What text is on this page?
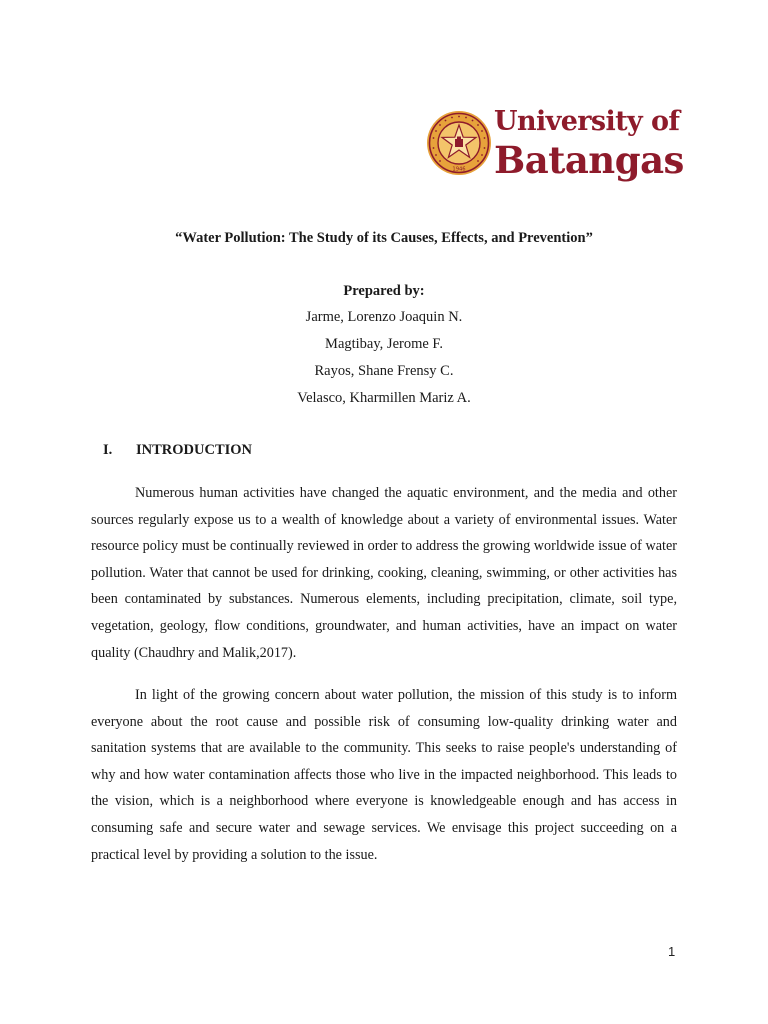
1946
University of
Batangas
“Water Pollution: The Study of its Causes, Effects, and Prevention”
Prepared by:
Jarme, Lorenzo Joaquin N.
Magtibay, Jerome F.
Rayos, Shane Frensy C.
Velasco, Kharmillen Mariz A.
I. INTRODUCTION

Numerous human activities have changed the aquatic environment, and the media and other sources regularly expose us to a wealth of knowledge about a variety of environmental issues. Water resource policy must be continually reviewed in order to address the growing worldwide issue of water pollution. Water that cannot be used for drinking, cooking, cleaning, swimming, or other activities has been contaminated by substances. Numerous elements, including precipitation, climate, soil type, vegetation, geology, flow conditions, groundwater, and human activities, have an impact on water quality (Chaudhry and Malik,2017).

In light of the growing concern about water pollution, the mission of this study is to inform everyone about the root cause and possible risk of consuming low-quality drinking water and sanitation systems that are available to the community. This seeks to raise people's understanding of why and how water contamination affects those who live in the impacted neighborhood. This leads to the vision, which is a neighborhood where everyone is knowledgeable enough and has access in consuming safe and secure water and sewage services. We envisage this project succeeding on a practical level by providing a solution to the issue.

1
